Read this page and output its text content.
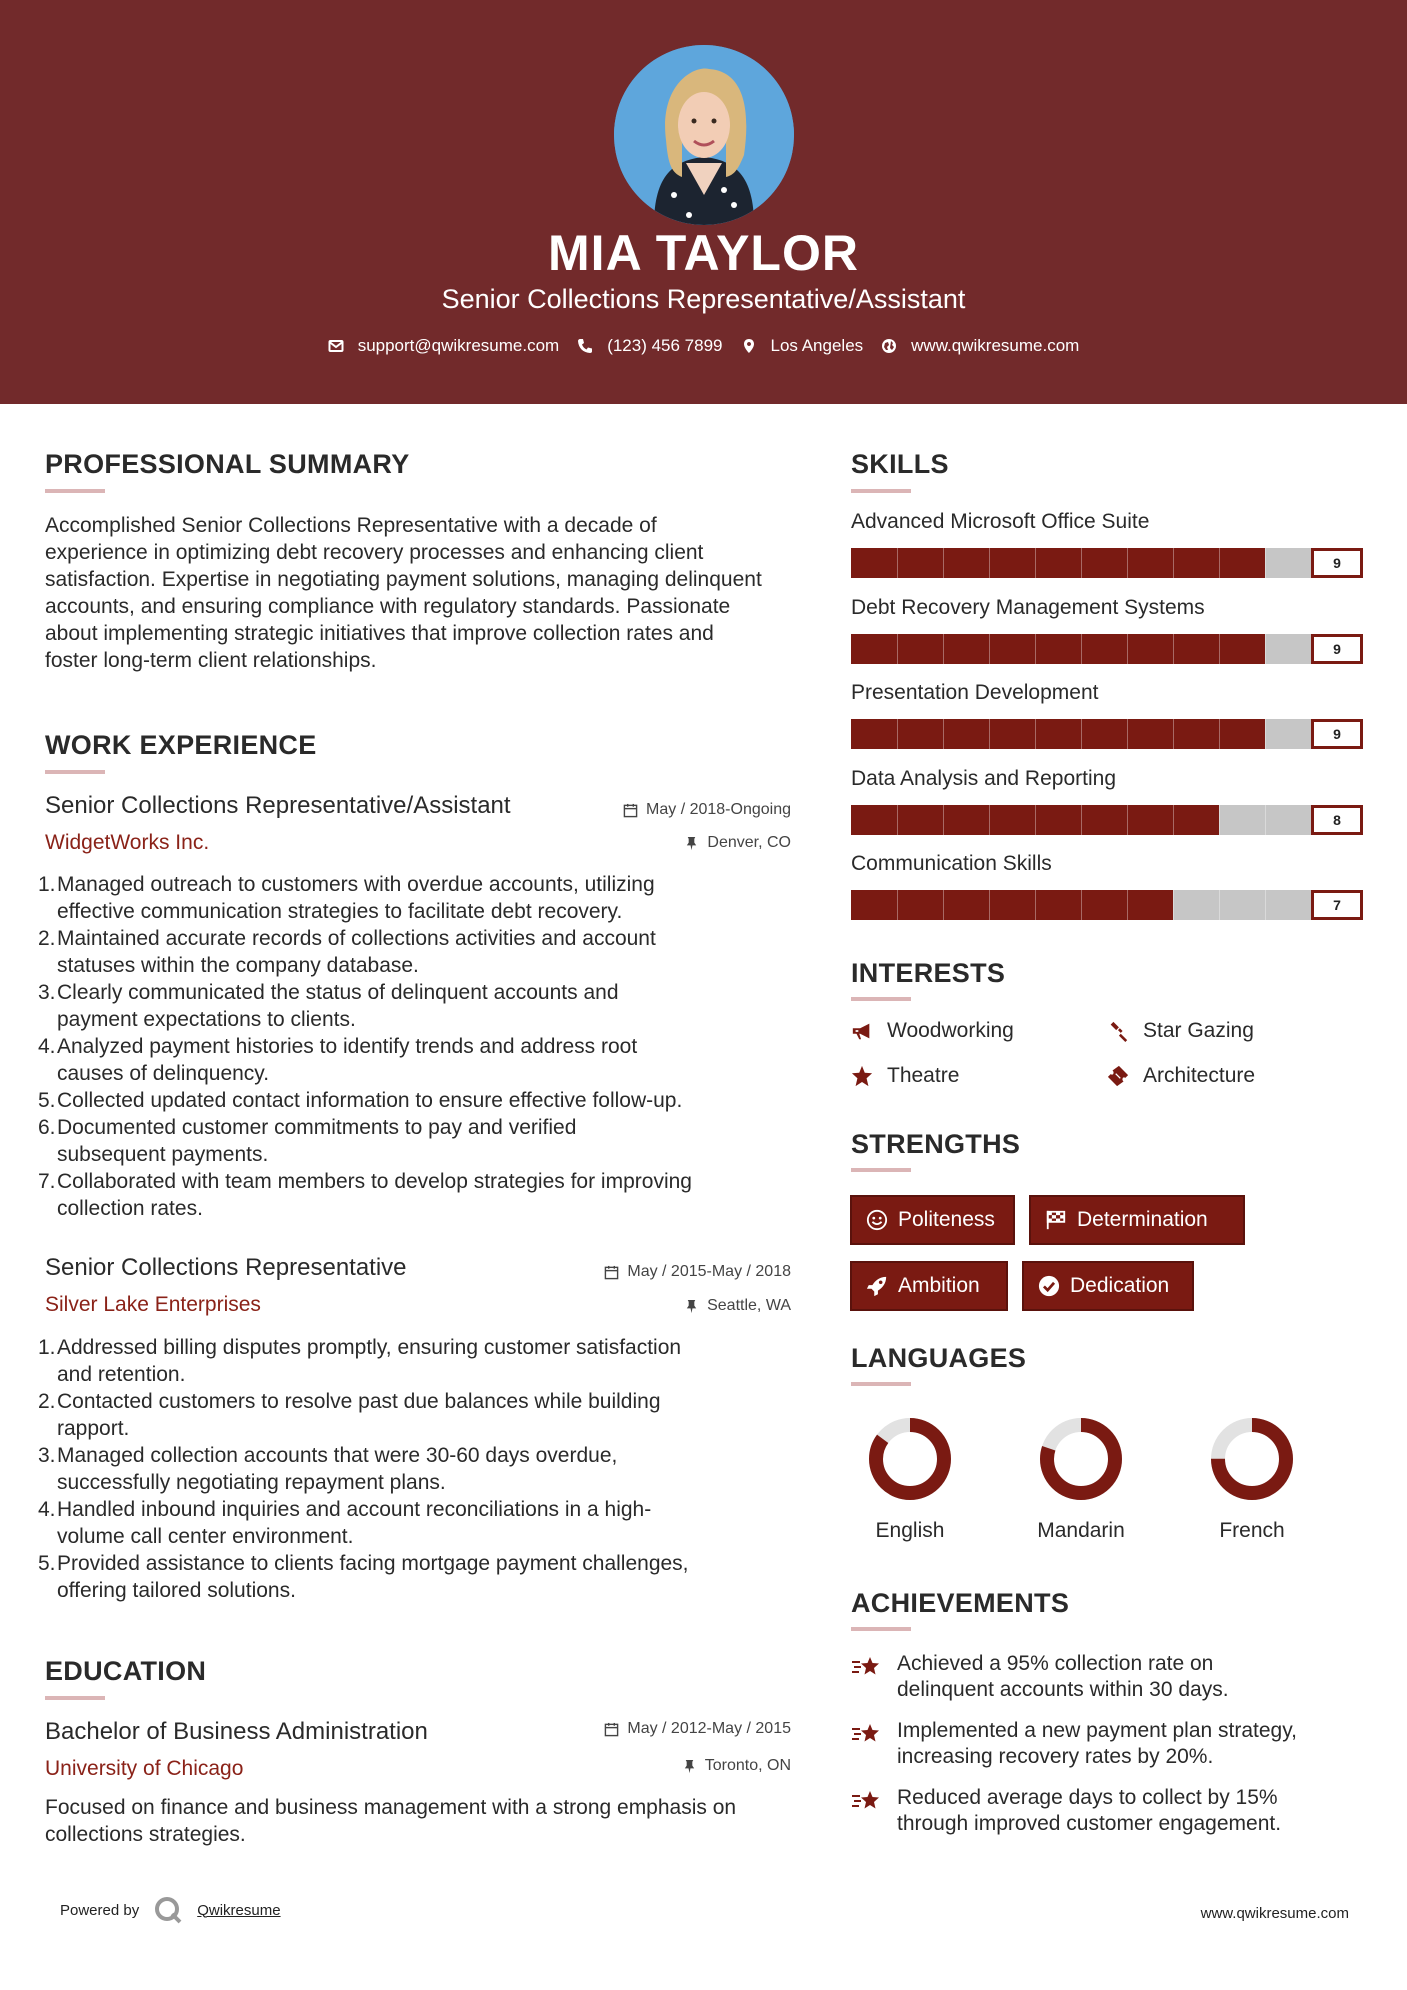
MIA TAYLOR
Senior Collections Representative/Assistant
support@qwikresume.com	(123) 456 7899	Los Angeles	www.qwikresume.com
PROFESSIONAL SUMMARY
Accomplished Senior Collections Representative with a decade of experience in optimizing debt recovery processes and enhancing client satisfaction. Expertise in negotiating payment solutions, managing delinquent accounts, and ensuring compliance with regulatory standards. Passionate about implementing strategic initiatives that improve collection rates and foster long-term client relationships.
WORK EXPERIENCE
Senior Collections Representative/Assistant	May / 2018-Ongoing
WidgetWorks Inc.	Denver, CO
1. Managed outreach to customers with overdue accounts, utilizing
effective communication strategies to facilitate debt recovery.
2. Maintained accurate records of collections activities and account
statuses within the company database.
3. Clearly communicated the status of delinquent accounts and
payment expectations to clients.
4. Analyzed payment histories to identify trends and address root
causes of delinquency.
5. Collected updated contact information to ensure effective follow-up.
6. Documented customer commitments to pay and verified
subsequent payments.
7. Collaborated with team members to develop strategies for improving
collection rates.
Senior Collections Representative	May / 2015-May / 2018
Silver Lake Enterprises	Seattle, WA
1. Addressed billing disputes promptly, ensuring customer satisfaction
and retention.
2. Contacted customers to resolve past due balances while building
rapport.
3. Managed collection accounts that were 30-60 days overdue,
successfully negotiating repayment plans.
4. Handled inbound inquiries and account reconciliations in a high-
volume call center environment.
5. Provided assistance to clients facing mortgage payment challenges,
offering tailored solutions.
EDUCATION
Bachelor of Business Administration	May / 2012-May / 2015
University of Chicago	Toronto, ON
Focused on finance and business management with a strong emphasis on collections strategies.
SKILLS
Advanced Microsoft Office Suite
9
Debt Recovery Management Systems
9
Presentation Development
9
Data Analysis and Reporting
8
Communication Skills
7
INTERESTS
Woodworking	Star Gazing
Theatre	Architecture
STRENGTHS
Politeness	Determination
Ambition	Dedication
LANGUAGES
English	Mandarin	French
ACHIEVEMENTS
Achieved a 95% collection rate on
delinquent accounts within 30 days.
Implemented a new payment plan strategy,
increasing recovery rates by 20%.
Reduced average days to collect by 15%
through improved customer engagement.
Powered by	Qwikresume	www.qwikresume.com
